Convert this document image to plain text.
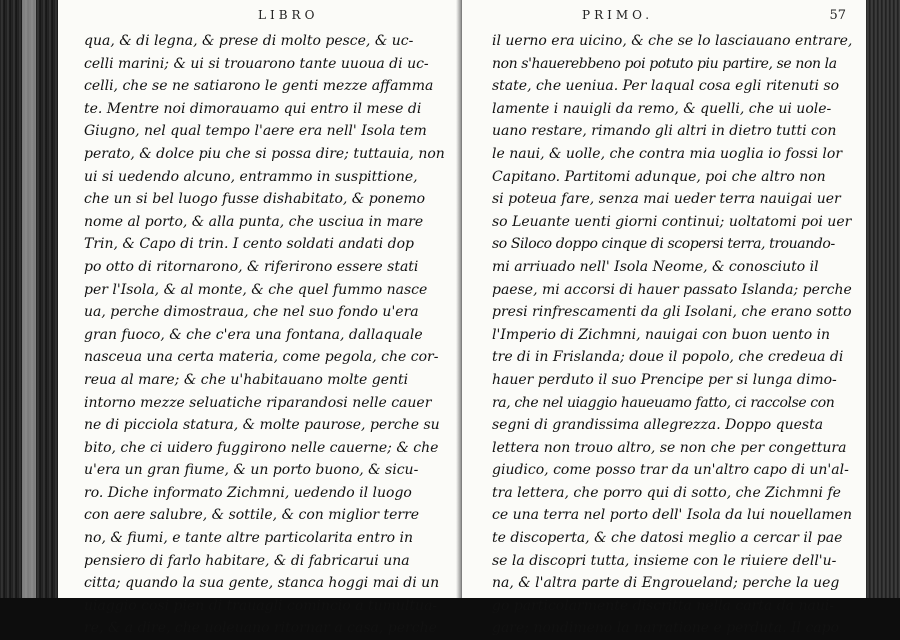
LIBRO
qua, & di legna, & prese di molto pesce, & uc-
celli marini; & ui si trouarono tante uuoua di uc-
celli, che se ne satiarono le genti mezze affamma
te. Mentre noi dimorauamo qui entro il mese di
Giugno, nel qual tempo l'aere era nell' Isola tem
perato, & dolce piu che si possa dire; tuttauia, non
ui si uedendo alcuno, entrammo in suspittione,
che un si bel luogo fusse dishabitato, & ponemo
nome al porto, & alla punta, che usciua in mare
Trin, & Capo di trin. I cento soldati andati dop
po otto di ritornarono, & riferirono essere stati
per l'Isola, & al monte, & che quel fummo nasce
ua, perche dimostraua, che nel suo fondo u'era
gran fuoco, & che c'era una fontana, dallaquale
nasceua una certa materia, come pegola, che cor-
reua al mare; & che u'habitauano molte genti
intorno mezze seluatiche riparandosi nelle cauer
ne di picciola statura, & molte paurose, perche su
bito, che ci uidero fuggirono nelle cauerne; & che
u'era un gran fiume, & un porto buono, & sicu-
ro. Diche informato Zichmni, uedendo il luogo
con aere salubre, & sottile, & con miglior terre
no, & fiumi, e tante altre particolarita entro in
pensiero di farlo habitare, & di fabricarui una
citta; quando la sua gente, stanca hoggi mai di un
uiaggio cosi pien di trauagli comincio a tumultua-
re, & a dire, che uoleuano ritornar a casa, perche
PRIMO.	57
il uerno era uicino, & che se lo lasciauano entrare,
non s'hauerebbeno poi potuto piu partire, se non la
state, che ueniua. Per laqual cosa egli ritenuti so
lamente i nauigli da remo, & quelli, che ui uole-
uano restare, rimando gli altri in dietro tutti con
le naui, & uolle, che contra mia uoglia io fossi lor
Capitano. Partitomi adunque, poi che altro non
si poteua fare, senza mai ueder terra nauigai uer
so Leuante uenti giorni continui; uoltatomi poi uer
so Siloco doppo cinque di scopersi terra, trouando-
mi arriuado nell' Isola Neome, & conosciuto il
paese, mi accorsi di hauer passato Islanda; perche
presi rinfrescamenti da gli Isolani, che erano sotto
l'Imperio di Zichmni, nauigai con buon uento in
tre di in Frislanda; doue il popolo, che credeua di
hauer perduto il suo Prencipe per si lunga dimo-
ra, che nel uiaggio haueuamo fatto, ci raccolse con
segni di grandissima allegrezza. Doppo questa
lettera non trouo altro, se non che per congettura
giudico, come posso trar da un'altro capo di un'al-
tra lettera, che porro qui di sotto, che Zichmni fe
ce una terra nel porto dell' Isola da lui nouellamen
te discoperta, & che datosi meglio a cercar il pae
se la discopri tutta, insieme con le riuiere dell'u-
na, & l'altra parte di Engroueland; perche la ueg
go particolarmente discritta nella carta da naui-
gare; nondimeno la narratione e perduta. Il capo
